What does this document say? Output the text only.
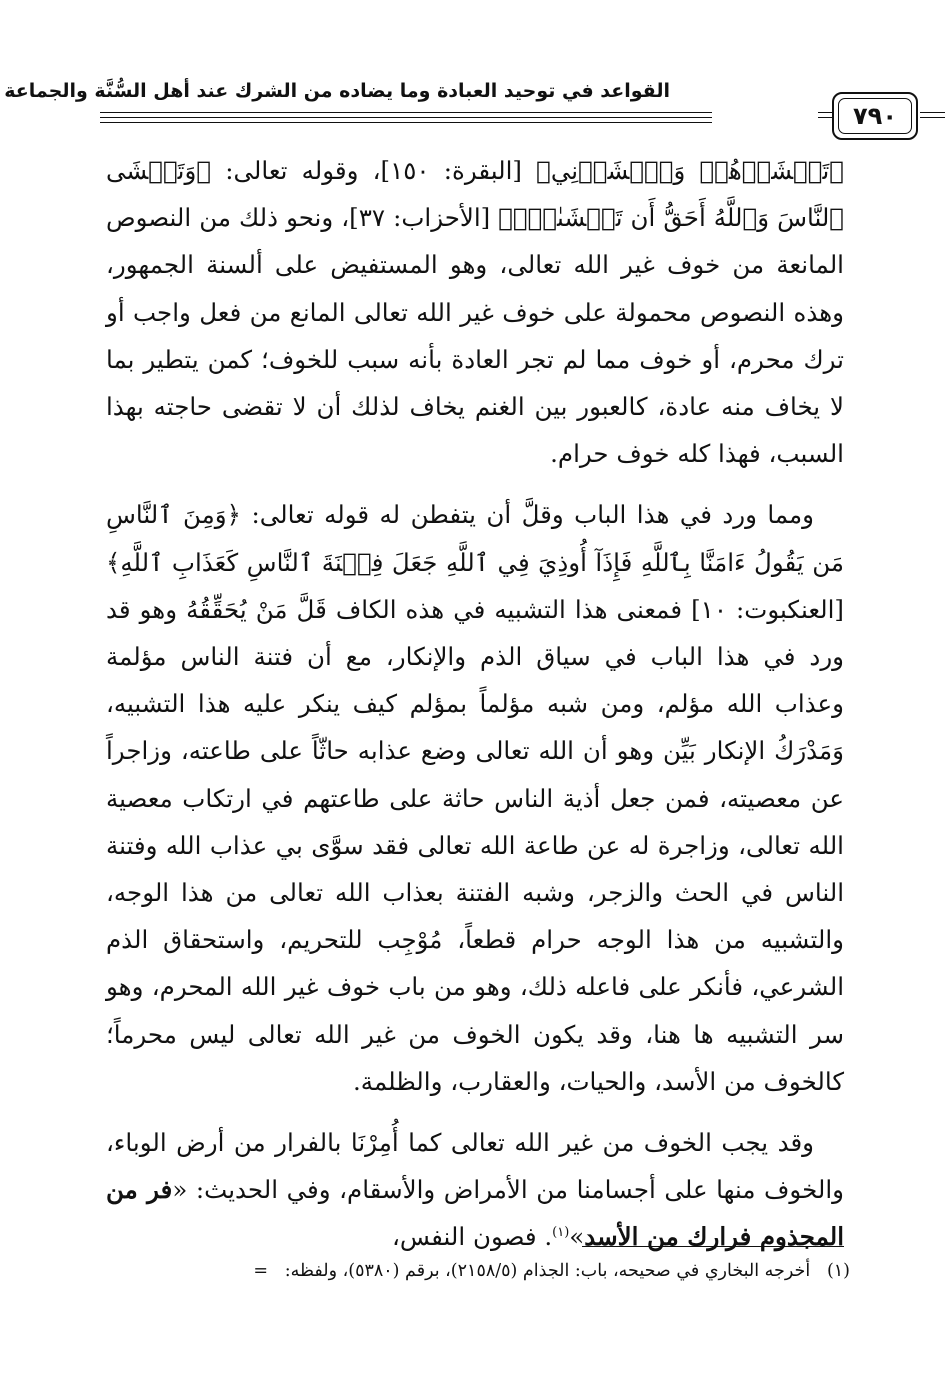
القواعد في توحيد العبادة وما يضاده من الشرك عند أهل السُّنَّة والجماعة
٧٩٠

﴿تَخۡشَوۡهُمۡ وَٱخۡشَوۡنِي﴾ [البقرة: ١٥٠]، وقوله تعالى: ﴿وَتَخۡشَى ٱلنَّاسَ وَٱللَّهُ أَحَقُّ أَن تَخۡشَىٰهُۖ﴾ [الأحزاب: ٣٧]، ونحو ذلك من النصوص المانعة من خوف غير الله تعالى، وهو المستفيض على ألسنة الجمهور، وهذه النصوص محمولة على خوف غير الله تعالى المانع من فعل واجب أو ترك محرم، أو خوف مما لم تجر العادة بأنه سبب للخوف؛ كمن يتطير بما لا يخاف منه عادة، كالعبور بين الغنم يخاف لذلك أن لا تقضى حاجته بهذا السبب، فهذا كله خوف حرام.

ومما ورد في هذا الباب وقلَّ أن يتفطن له قوله تعالى: ﴿وَمِنَ ٱلنَّاسِ مَن يَقُولُ ءَامَنَّا بِٱللَّهِ فَإِذَآ أُوذِيَ فِي ٱللَّهِ جَعَلَ فِتۡنَةَ ٱلنَّاسِ كَعَذَابِ ٱللَّهِ﴾ [العنكبوت: ١٠] فمعنى هذا التشبيه في هذه الكاف قَلَّ مَنْ يُحَقِّقُهُ وهو قد ورد في هذا الباب في سياق الذم والإنكار، مع أن فتنة الناس مؤلمة وعذاب الله مؤلم، ومن شبه مؤلماً بمؤلم كيف ينكر عليه هذا التشبيه، وَمَدْرَكُ الإنكار بَيِّن وهو أن الله تعالى وضع عذابه حاثّاً على طاعته، وزاجراً عن معصيته، فمن جعل أذية الناس حاثة على طاعتهم في ارتكاب معصية الله تعالى، وزاجرة له عن طاعة الله تعالى فقد سوَّى بي عذاب الله وفتنة الناس في الحث والزجر، وشبه الفتنة بعذاب الله تعالى من هذا الوجه، والتشبيه من هذا الوجه حرام قطعاً، مُوْجِب للتحريم، واستحقاق الذم الشرعي، فأنكر على فاعله ذلك، وهو من باب خوف غير الله المحرم، وهو سر التشبيه ها هنا، وقد يكون الخوف من غير الله تعالى ليس محرماً؛ كالخوف من الأسد، والحيات، والعقارب، والظلمة.

وقد يجب الخوف من غير الله تعالى كما أُمِرْنَا بالفرار من أرض الوباء، والخوف منها على أجسامنا من الأمراض والأسقام، وفي الحديث: «فر من المجذوم فرارك من الأسد»$^{(١)}$. فصون النفس،

(١)   أخرجه البخاري في صحيحه، باب: الجذام (٢١٥٨/٥)، برقم (٥٣٨٠)، ولفظه:   =
